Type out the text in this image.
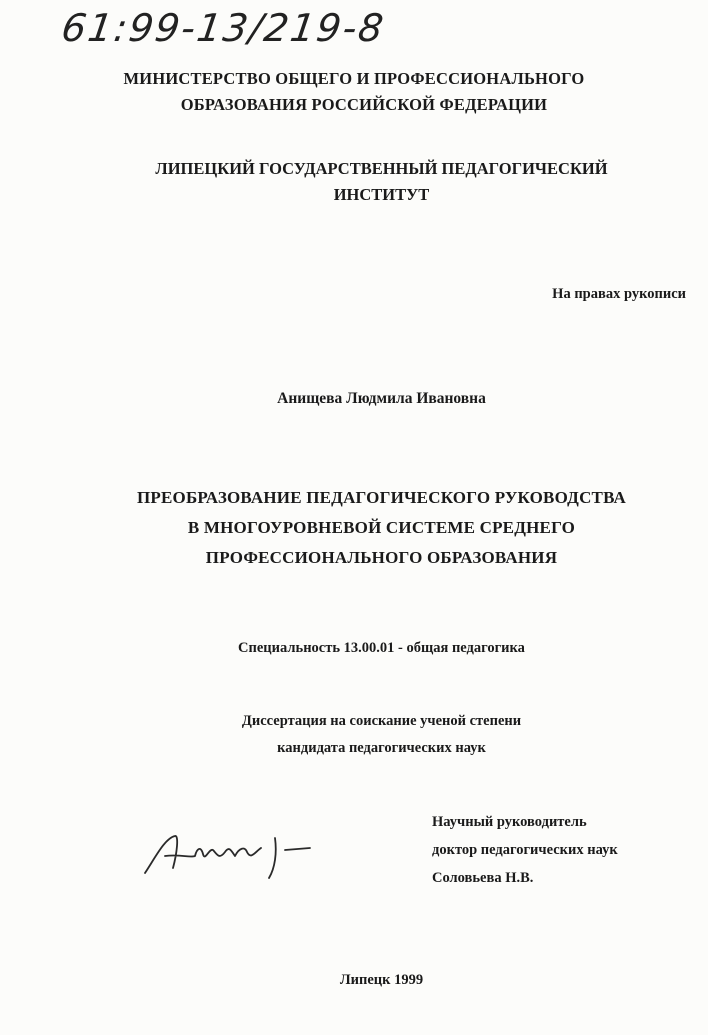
61:99-13/219-8
МИНИСТЕРСТВО ОБЩЕГО И ПРОФЕССИОНАЛЬНОГО
ОБРАЗОВАНИЯ РОССИЙСКОЙ ФЕДЕРАЦИИ
ЛИПЕЦКИЙ ГОСУДАРСТВЕННЫЙ ПЕДАГОГИЧЕСКИЙ
ИНСТИТУТ
На правах рукописи
Анищева Людмила Ивановна
ПРЕОБРАЗОВАНИЕ ПЕДАГОГИЧЕСКОГО РУКОВОДСТВА
В МНОГОУРОВНЕВОЙ СИСТЕМЕ СРЕДНЕГО
ПРОФЕССИОНАЛЬНОГО ОБРАЗОВАНИЯ
Специальность 13.00.01 - общая педагогика
Диссертация на соискание ученой степени
кандидата педагогических наук
Научный руководитель
доктор педагогических наук
Соловьева Н.В.
Липецк 1999
